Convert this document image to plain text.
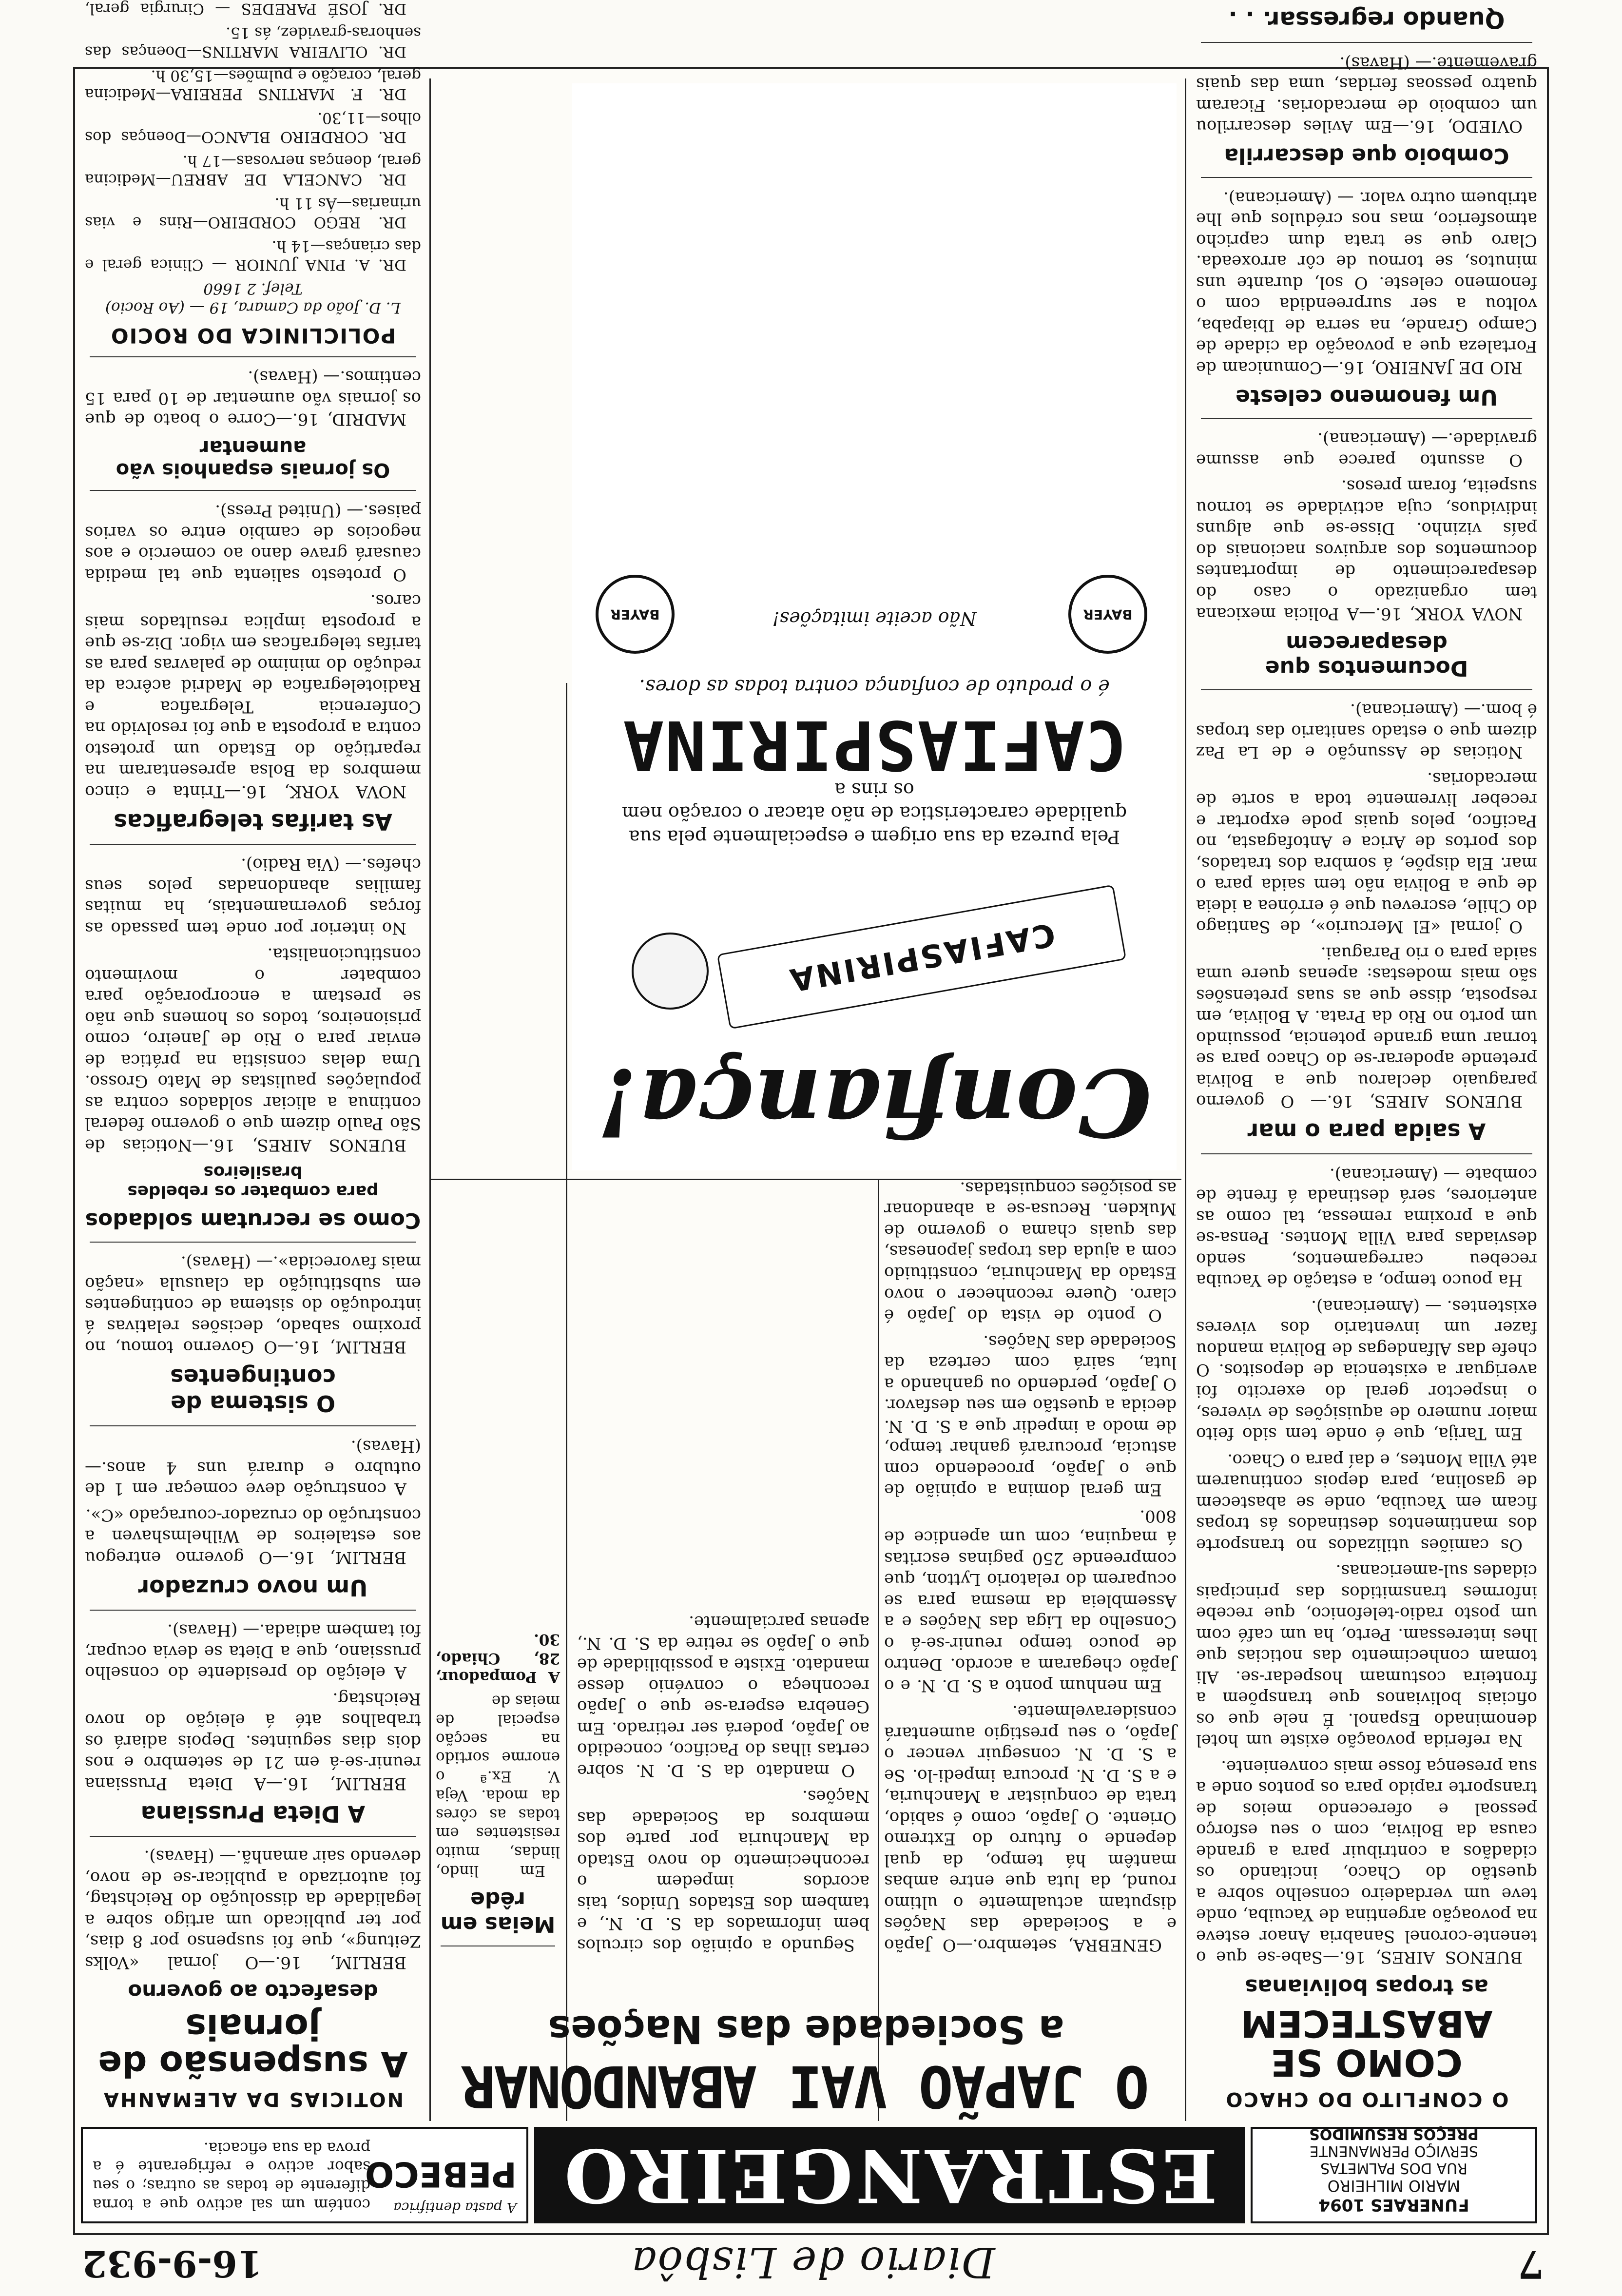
7
Diario de Lisbôa
16-9-932
FUNERAES 1094
MARIO MILHEIRO
RUA DOS PALMETAS
SERVIÇO PERMANENTE
PREÇOS RESUMIDOS
ESTRANGEIRO
A pasta dentifrica
PEBECO
contém um sal activo que a torna diferente de todas as outras; o seu sabor activo e refrigerante é a prova da sua eficacia.
O CONFLITO DO CHACO
COMO SE ABASTECEM
as tropas bolivianas

BUENOS AIRES, 16.—Sabe-se que o tenente-coronel Sanabria Anaor esteve na povoação argentina de Yacuiba, onde teve um verdadeiro conselho sobre a questão do Chaco, incitando os cidadãos a contribuir para a grande causa da Bolivia, com o seu esforço pessoal e oferecendo meios de transporte rapido para os pontos onde a sua presença fosse mais conveniente.

Na referida povoação existe um hotel denominado Espanol. É nele que os oficiais bolivianos que transpõem a fronteira costumam hospedar-se. Ali tomam conhecimento das noticias que lhes interessam. Perto, ha um café com um posto radio-telefonico, que recebe informes transmitidos das principais cidades sul-americanas.

Os camiões utilizados no transporte dos mantimentos destinados ás tropas ficam em Yacuiba, onde se abastecem de gasolina, para depois continuarem até Villa Montes, e daí para o Chaco.

Em Tarija, que é onde tem sido feito maior numero de aquisições de viveres, o inspector geral do exercito foi averiguar a existencia de depositos. O chefe das Alfandegas de Bolivia mandou fazer um inventario dos viveres existentes. — (Americana).

Ha pouco tempo, a estação de Yacuiba recebeu carregamentos, sendo desviadas para Villa Montes. Pensa-se que a proxima remessa, tal como as anteriores, será destinada á frente de combate — (Americana).

A saida para o mar

BUENOS AIRES, 16.— O governo paraguaio declarou que a Bolivia pretende apoderar-se do Chaco para se tornar uma grande potencia, possuindo um porto no Rio da Prata. A Bolivia, em resposta, disse que as suas pretensões são mais modestas: apenas quere uma saida para o rio Paraguai.

O jornal «El Mercurio», de Santiago do Chile, escreveu que é errónea a ideia de que a Bolivia não tem saida para o mar. Ela dispõe, á sombra dos tratados, dos portos de Arica e Antofagasta, no Pacifico, pelos quais pode exportar e receber livremente toda a sorte de mercadorias.

Noticias de Assunção e de La Paz dizem que o estado sanitario das tropas é bom.— (Americana).

Documentos que desaparecem

NOVA YORK, 16.—A Policia mexicana tem organizado o caso do desaparecimento de importantes documentos dos arquivos nacionais do país vizinho. Disse-se que alguns individuos, cuja actividade se tornou suspeita, foram presos.

O assunto parece que assume gravidade.— (Americana).

Um fenomeno celeste

RIO DE JANEIRO, 16.—Comunicam de Fortaleza que a povoação da cidade de Campo Grande, na serra de Ibiapaba, voltou a ser surpreendida com o fenomeno celeste. O sol, durante uns minutos, se tornou de côr arroxeada. Claro que se trata dum capricho atmosferico, mas nos crédulos que lhe atribuem outro valor. — (Americana).

Comboio que descarrila

OVIEDO, 16.—Em Aviles descarrilou um comboio de mercadorias. Ficaram quatro pessoas feridas, uma das quais gravemente.— (Havas).

Quando regressar. . .

O JAPÃO VAI ABANDONAR
a Sociedade das Nações

GENEBRA, setembro.—O Japão e a Sociedade das Nações disputam actualmente o ultimo round, da luta que entre ambas mantêm há tempo, da qual depende o futuro do Extremo Oriente. O Japão, como é sabido, trata de conquistar a Manchuria, e a S. D. N. procura impedi-lo. Se a S. D. N. conseguir vencer o Japão, o seu prestigio aumentará consideravelmente.

Em nenhum ponto a S. D. N. e o Japão chegaram a acordo. Dentro de pouco tempo reunir-se-á o Conselho da Liga das Nações e a Assembleia da mesma para se ocuparem do relatorio Lytton, que compreende 250 paginas escritas á maquina, com um apendice de 800.

Em geral domina a opinião de que o Japão, procedendo com astucia, procurará ganhar tempo, de modo a impedir que a S. D. N. decida a questão em seu desfavor. O Japão, perdendo ou ganhando a luta, sairá com certeza da Sociedade das Nações.

O ponto de vista do Japão é claro. Quere reconhecer o novo Estado da Manchuria, constituido com a ajuda das tropas japonesas, das quais chama o governo de Mukden. Recusa-se a abandonar as posições conquistadas.

Segundo a opinião dos circulos bem informados da S. D. N., e tambem dos Estados Unidos, tais acordos impedem o reconhecimento do novo Estado da Manchuria por parte dos membros da Sociedade das Nações.

O mandato da S. D. N. sobre certas ilhas do Pacifico, concedido ao Japão, poderá ser retirado. Em Genebra espera-se que o Japão reconheça o convénio desse mandato. Existe a possibilidade de que o Japão se retire da S. D. N., apenas parcialmente.

Confiança!
CAFIASPIRINA
Pela pureza da sua origem e especialmente pela sua qualidade caracteristica de não atacar o coração nem os rins a
CAFIASPIRINA
é o produto de confiança contra todas as dores.
BAYER
Não aceite imitações!
BAYER
Meias em rêde

Em lindo, lindas, muito resistentes em todas as côres da moda. Veja V. Ex.ª o enorme sortido na secção especial de meias de

A Pompadour, 28, Chiado, 30.

NOTICIAS DA ALEMANHA
A suspensão de jornais
desafecto ao governo

BERLIM, 16.—O jornal «Volks Zeitung», que foi suspenso por 8 dias, por ter publicado um artigo sobre a legalidade da dissolução do Reichstag, foi autorizado a publicar-se de novo, devendo sair amanhã.— (Havas).

A Dieta Prussiana

BERLIM, 16.—A Dieta Prussiana reunir-se-á em 21 de setembro e nos dois dias seguintes. Depois adiará os trabalhos até á eleição do novo Reichstag.

A eleição do presidente do conselho prussiano, que a Dieta se devia ocupar, foi tambem adiada.— (Havas).

Um novo cruzador

BERLIM, 16.—O governo entregou aos estaleiros de Wilhelmshaven a construção do cruzador-couraçado «C».

A construção deve começar em 1 de outubro e durará uns 4 anos.— (Havas).

O sistema de contingentes

BERLIM, 16.—O Governo tomou, no proximo sabado, decisões relativas á introdução do sistema de contingentes em substituição da clausula «nação mais favorecida».— (Havas).

Como se recrutam soldados
para combater os rebeldes brasileiros

BUENOS AIRES, 16.—Noticias de São Paulo dizem que o governo federal continua a aliciar soldados contra as populações paulistas de Mato Grosso. Uma delas consistia na prática de enviar para o Rio de Janeiro, como prisioneiros, todos os homens que não se prestam a encorporação para combater o movimento constitucionalista.

No interior por onde tem passado as forças governamentais, ha muitas familias abandonadas pelos seus chefes.— (Via Radio).

As tarifas telegraficas

NOVA YORK, 16.—Trinta e cinco membros da Bolsa apresentaram na repartição do Estado um protesto contra a proposta a que foi resolvido na Conferencia Telegrafica e Radiotelegrafica de Madrid acêrca da redução do minimo de palavras para as tarifas telegraficas em vigor. Diz-se que a proposta implica resultados mais caros.

O protesto salienta que tal medida causará grave dano ao comercio e aos negocios de cambio entre os varios paises.— (United Press).

Os jornais espanhois vão aumentar

MADRID, 16.—Corre o boato de que os jornais vão aumentar de 10 para 15 centimos.— (Havas).

POLICLINICA DO ROCIO
L. D. João da Camara, 19 — (Ao Rocio) Telef. 2 1660

DR. A. PINA JUNIOR — Clinica geral e das crianças—14 h.

DR. REGO CORDEIRO—Rins e vias urinarias—Ás 11 h.

DR. CANCELA DE ABREU—Medicina geral, doenças nervosas—17 h.

DR. CORDEIRO BLANCO—Doenças dos olhos—11,30.

DR. F. MARTINS PEREIRA—Medicina geral, coração e pulmões—15,30 h.

DR. OLIVEIRA MARTINS—Doenças das senhoras-gravidez, ás 15.

DR. JOSÉ PAREDES — Cirurgia geral,
